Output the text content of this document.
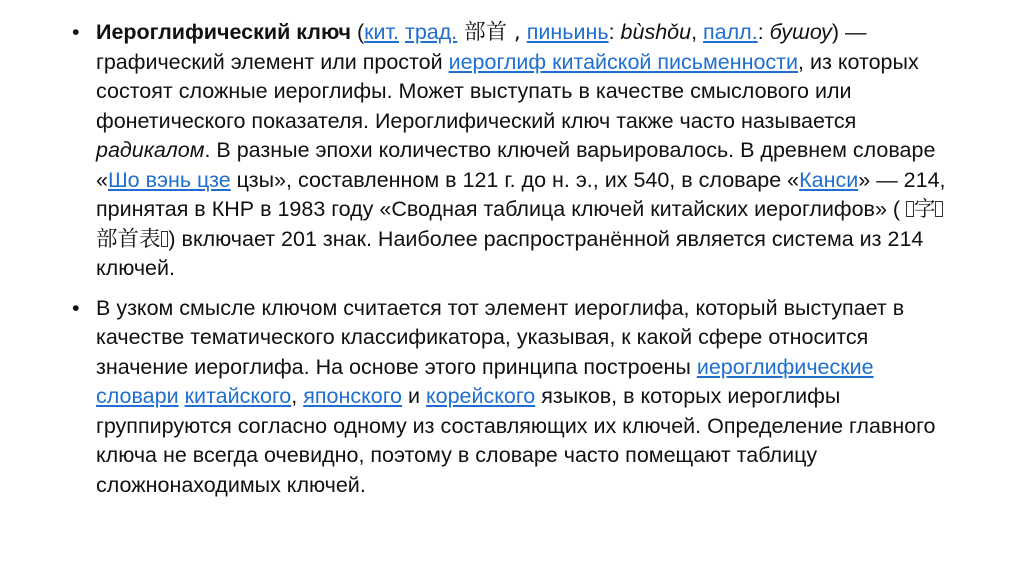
• Иероглифический ключ (кит. трад. 部首 , пиньинь: bùshǒu, палл.: бушоу) — графический элемент или простой иероглиф китайской письменности, из которых состоят сложные иероглифы. Может выступать в качестве смыслового или фонетического показателя. Иероглифический ключ также часто называется радикалом. В разные эпохи количество ключей варьировалось. В древнем словаре «Шо вэнь цзе цзы», составленном в 121 г. до н. э., их 540, в словаре «Канси» — 214, принятая в КНР в 1983 году «Сводная таблица ключей китайских иероглифов» (  字 部首表 ) включает 201 знак. Наиболее распространённой является система из 214 ключей.
• В узком смысле ключом считается тот элемент иероглифа, который выступает в качестве тематического классификатора, указывая, к какой сфере относится значение иероглифа. На основе этого принципа построены иероглифические словари китайского, японского и корейского языков, в которых иероглифы группируются согласно одному из составляющих их ключей. Определение главного ключа не всегда очевидно, поэтому в словаре часто помещают таблицу сложнонаходимых ключей.
